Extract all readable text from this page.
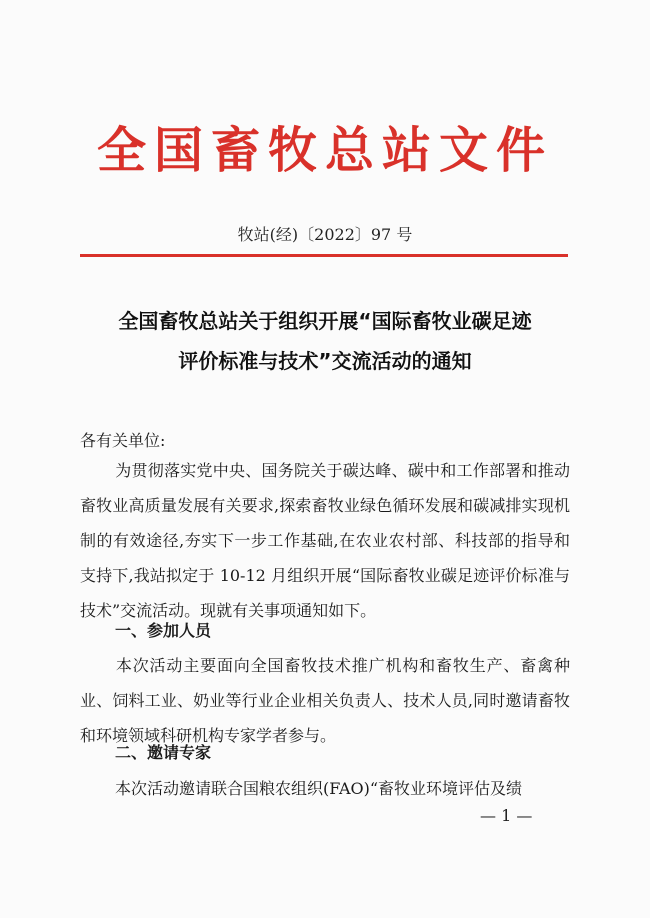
全国畜牧总站文件
牧站(经)〔2022〕97 号
全国畜牧总站关于组织开展“国际畜牧业碳足迹
评价标准与技术”交流活动的通知
各有关单位:
为贯彻落实党中央、国务院关于碳达峰、碳中和工作部署和推动畜牧业高质量发展有关要求,探索畜牧业绿色循环发展和碳减排实现机制的有效途径,夯实下一步工作基础,在农业农村部、科技部的指导和支持下,我站拟定于 10-12 月组织开展“国际畜牧业碳足迹评价标准与技术”交流活动。现就有关事项通知如下。
一、参加人员
本次活动主要面向全国畜牧技术推广机构和畜牧生产、畜禽种业、饲料工业、奶业等行业企业相关负责人、技术人员,同时邀请畜牧和环境领域科研机构专家学者参与。
二、邀请专家
本次活动邀请联合国粮农组织(FAO)“畜牧业环境评估及绩
— 1 —
